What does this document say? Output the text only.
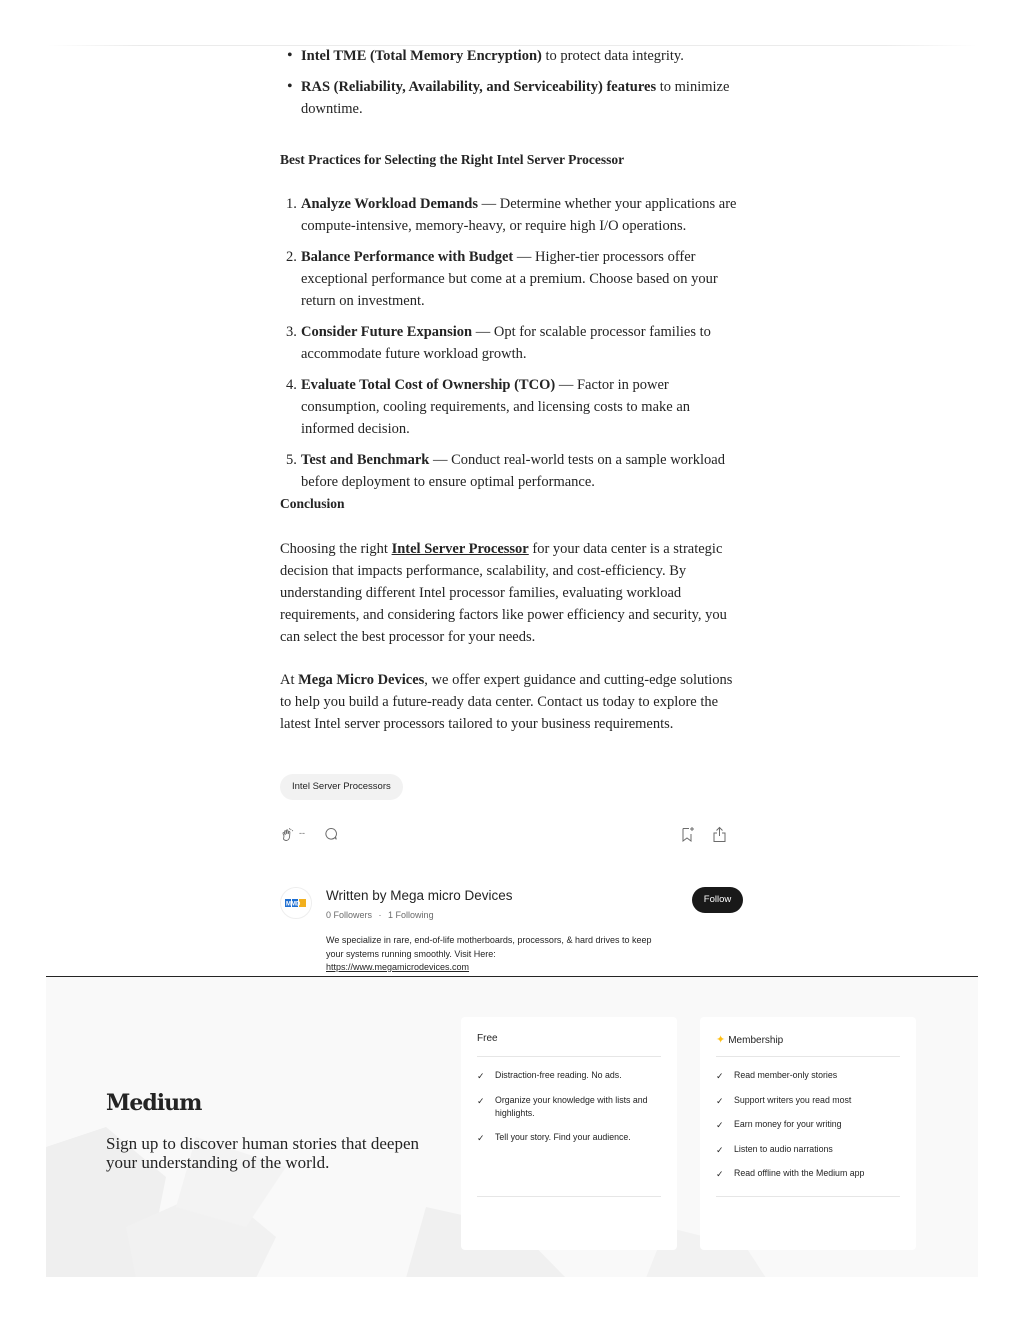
• Intel TME (Total Memory Encryption) to protect data integrity.
• RAS (Reliability, Availability, and Serviceability) features to minimize downtime.
Best Practices for Selecting the Right Intel Server Processor
1. Analyze Workload Demands — Determine whether your applications are compute-intensive, memory-heavy, or require high I/O operations.
2. Balance Performance with Budget — Higher-tier processors offer exceptional performance but come at a premium. Choose based on your return on investment.
3. Consider Future Expansion — Opt for scalable processor families to accommodate future workload growth.
4. Evaluate Total Cost of Ownership (TCO) — Factor in power consumption, cooling requirements, and licensing costs to make an informed decision.
5. Test and Benchmark — Conduct real-world tests on a sample workload before deployment to ensure optimal performance.
Conclusion

Choosing the right Intel Server Processor for your data center is a strategic decision that impacts performance, scalability, and cost-efficiency. By understanding different Intel processor families, evaluating workload requirements, and considering factors like power efficiency and security, you can select the best processor for your needs.

At Mega Micro Devices, we offer expert guidance and cutting-edge solutions to help you build a future-ready data center. Contact us today to explore the latest Intel server processors tailored to your business requirements.

Intel Server Processors
--
MMD
Written by Mega micro Devices
0 Followers · 1 Following
We specialize in rare, end-of-life motherboards, processors, & hard drives to keep your systems running smoothly. Visit Here:
https://www.megamicrodevices.com
Follow
Medium
Sign up to discover human stories that deepen your understanding of the world.
Free
✓ Distraction-free reading. No ads.
✓ Organize your knowledge with lists and highlights.
✓ Tell your story. Find your audience.
✦ Membership
✓ Read member-only stories
✓ Support writers you read most
✓ Earn money for your writing
✓ Listen to audio narrations
✓ Read offline with the Medium app
